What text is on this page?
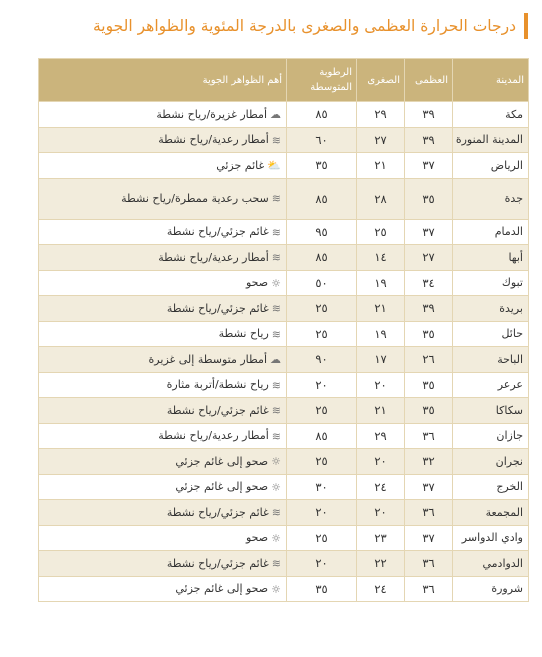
درجات الحرارة العظمى والصغرى بالدرجة المئوية والظواهر الجوية
المدينة	العظمى	الصغرى	الرطوبة المتوسطة	أهم الظواهر الجوية
مكة	٣٩	٢٩	٨٥	☁أمطار غزيرة/رياح نشطة
المدينة المنورة	٣٩	٢٧	٦٠	≋أمطار رعدية/رياح نشطة
الرياض	٣٧	٢١	٣٥	⛅غائم جزئي
جدة	٣٥	٢٨	٨٥	≋سحب رعدية ممطرة/رياح نشطة
الدمام	٣٧	٢٥	٩٥	≋غائم جزئي/رياح نشطة
أبها	٢٧	١٤	٨٥	≋أمطار رعدية/رياح نشطة
تبوك	٣٤	١٩	٥٠	☼صحو
بريدة	٣٩	٢١	٢٥	≋غائم جزئي/رياح نشطة
حائل	٣٥	١٩	٢٥	≋رياح نشطة
الباحة	٢٦	١٧	٩٠	☁أمطار متوسطة إلى غزيرة
عرعر	٣٥	٢٠	٢٠	≋رياح نشطة/أتربة مثارة
سكاكا	٣٥	٢١	٢٥	≋غائم جزئي/رياح نشطة
جازان	٣٦	٢٩	٨٥	≋أمطار رعدية/رياح نشطة
نجران	٣٢	٢٠	٢٥	☼صحو إلى غائم جزئي
الخرج	٣٧	٢٤	٣٠	☼صحو إلى غائم جزئي
المجمعة	٣٦	٢٠	٢٠	≋غائم جزئي/رياح نشطة
وادي الدواسر	٣٧	٢٣	٢٥	☼صحو
الدوادمي	٣٦	٢٢	٢٠	≋غائم جزئي/رياح نشطة
شرورة	٣٦	٢٤	٣٥	☼صحو إلى غائم جزئي
